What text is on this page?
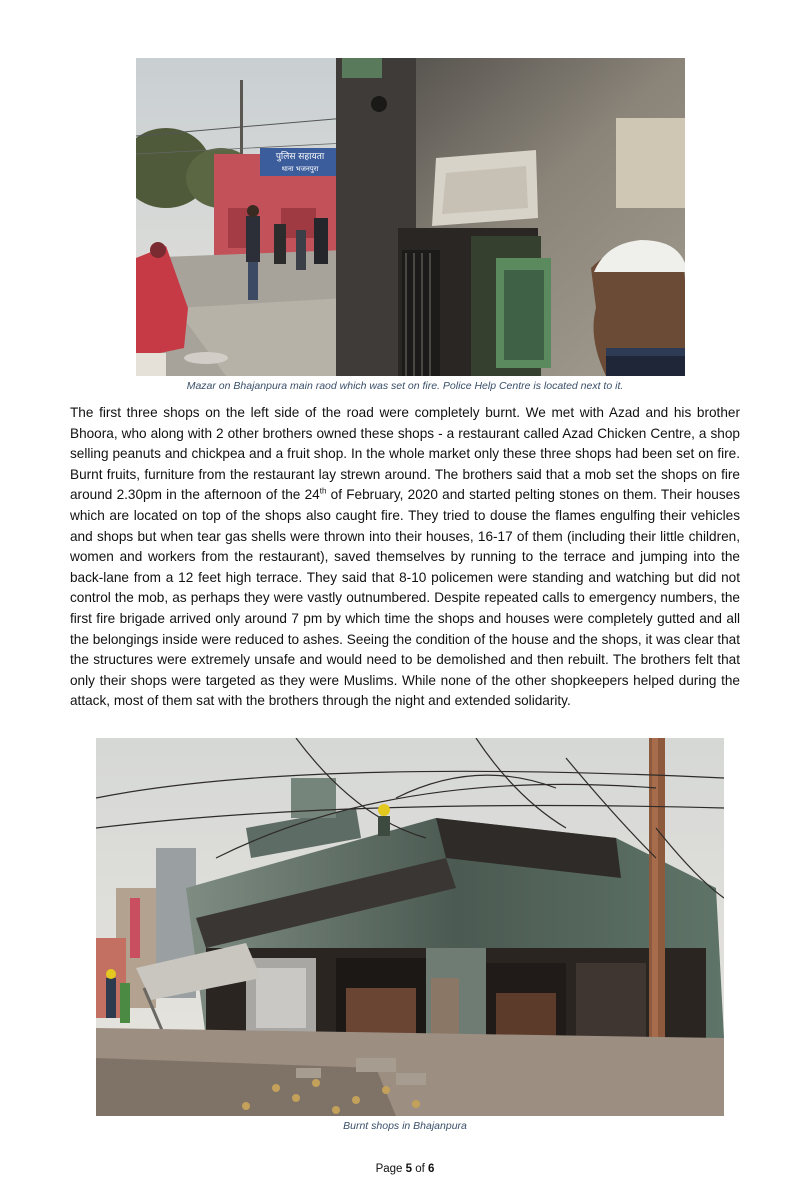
पुलिस सहायता
थाना भजनपुरा
Mazar on Bhajanpura main raod which was set on fire. Police Help Centre is located next to it.

The first three shops on the left side of the road were completely burnt. We met with Azad and his brother Bhoora, who along with 2 other brothers owned these shops - a restaurant called Azad Chicken Centre, a shop selling peanuts and chickpea and a fruit shop. In the whole market only these three shops had been set on fire. Burnt fruits, furniture from the restaurant lay strewn around. The brothers said that a mob set the shops on fire around 2.30pm in the afternoon of the 24th of February, 2020 and started pelting stones on them. Their houses which are located on top of the shops also caught fire. They tried to douse the flames engulfing their vehicles and shops but when tear gas shells were thrown into their houses, 16-17 of them (including their little children, women and workers from the restaurant), saved themselves by running to the terrace and jumping into the back-lane from a 12 feet high terrace. They said that 8-10 policemen were standing and watching but did not control the mob, as perhaps they were vastly outnumbered. Despite repeated calls to emergency numbers, the first fire brigade arrived only around 7 pm by which time the shops and houses were completely gutted and all the belongings inside were reduced to ashes. Seeing the condition of the house and the shops, it was clear that the structures were extremely unsafe and would need to be demolished and then rebuilt. The brothers felt that only their shops were targeted as they were Muslims. While none of the other shopkeepers helped during the attack, most of them sat with the brothers through the night and extended solidarity.

Burnt shops in Bhajanpura
Page 5 of 6
